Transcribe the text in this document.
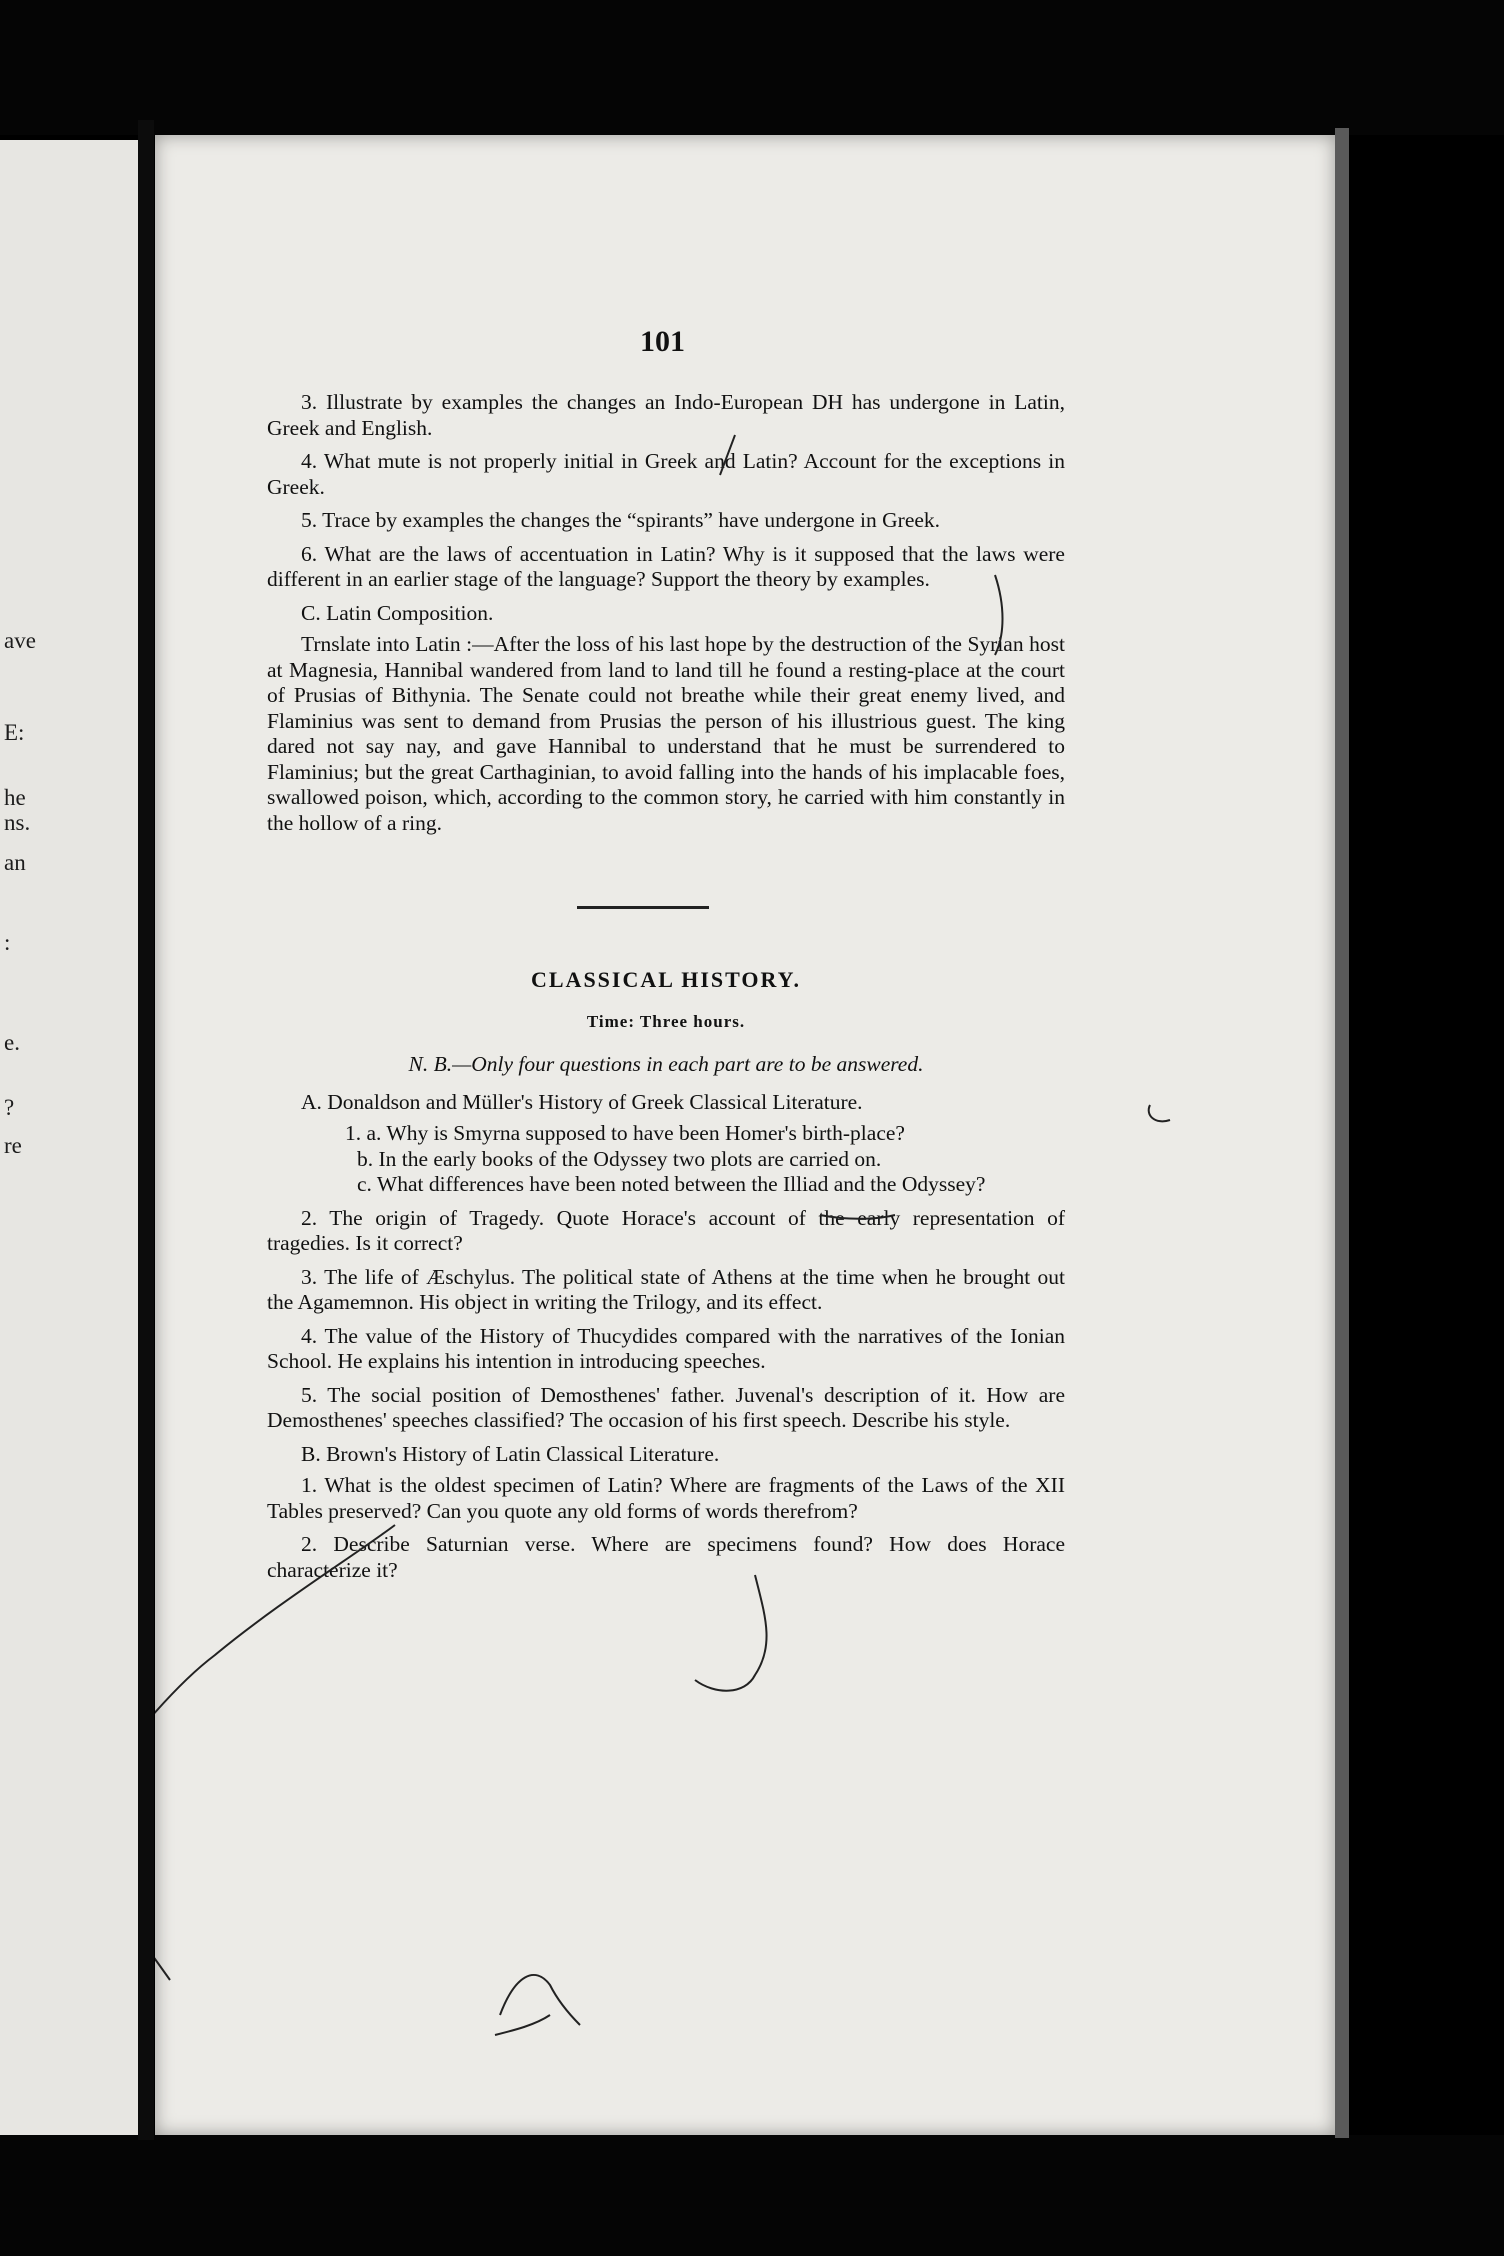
ave
E:
he
ns.
an
:
e.
?
re
101

3. Illustrate by examples the changes an Indo-European DH has undergone in Latin, Greek and English.

4. What mute is not properly initial in Greek and Latin? Account for the exceptions in Greek.

5. Trace by examples the changes the “spirants” have undergone in Greek.

6. What are the laws of accentuation in Latin? Why is it supposed that the laws were different in an earlier stage of the language? Support the theory by examples.

C. Latin Composition.

Trnslate into Latin :—After the loss of his last hope by the destruction of the Syrian host at Magnesia, Hannibal wandered from land to land till he found a resting-place at the court of Prusias of Bithynia. The Senate could not breathe while their great enemy lived, and Flaminius was sent to demand from Prusias the person of his illustrious guest. The king dared not say nay, and gave Hannibal to understand that he must be surrendered to Flaminius; but the great Carthaginian, to avoid falling into the hands of his implacable foes, swallowed poison, which, according to the common story, he carried with him constantly in the hollow of a ring.

CLASSICAL HISTORY.

Time: Three hours.

N. B.—Only four questions in each part are to be answered.

A. Donaldson and Müller's History of Greek Classical Literature.

1. a. Why is Smyrna supposed to have been Homer's birth-place?

b. In the early books of the Odyssey two plots are carried on.

c. What differences have been noted between the Illiad and the Odyssey?

2. The origin of Tragedy. Quote Horace's account of the early representation of tragedies. Is it correct?

3. The life of Æschylus. The political state of Athens at the time when he brought out the Agamemnon. His object in writing the Trilogy, and its effect.

4. The value of the History of Thucydides compared with the narratives of the Ionian School. He explains his intention in introducing speeches.

5. The social position of Demosthenes' father. Juvenal's description of it. How are Demosthenes' speeches classified? The occasion of his first speech. Describe his style.

B. Brown's History of Latin Classical Literature.

1. What is the oldest specimen of Latin? Where are fragments of the Laws of the XII Tables preserved? Can you quote any old forms of words therefrom?

2. Describe Saturnian verse. Where are specimens found? How does Horace characterize it?
